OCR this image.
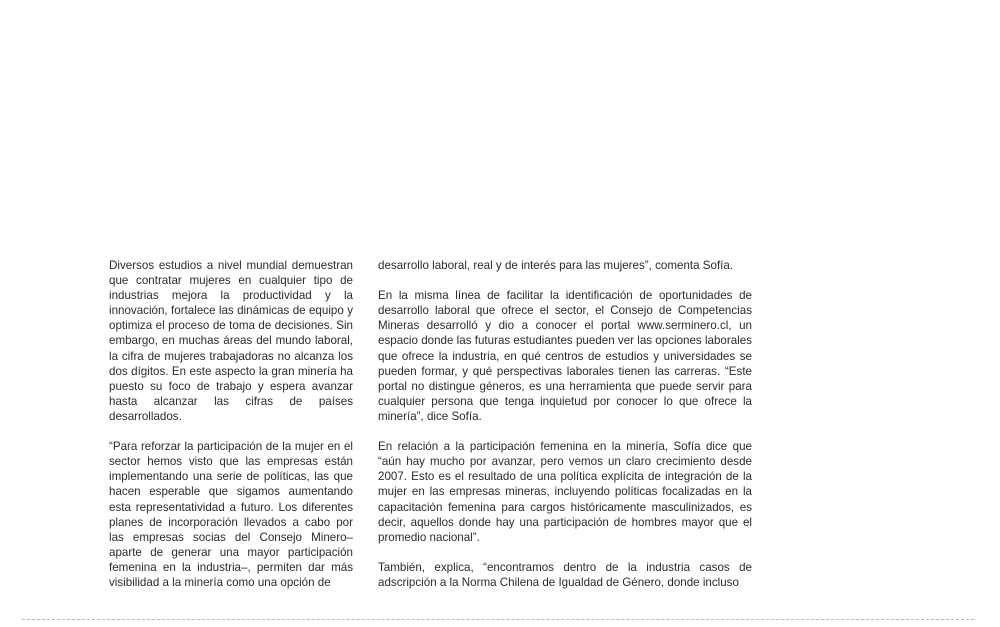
Diversos estudios a nivel mundial demuestran que contratar mujeres en cualquier tipo de industrias mejora la productividad y la innovación, fortalece las dinámicas de equipo y optimiza el proceso de toma de decisiones. Sin embargo, en muchas áreas del mundo laboral, la cifra de mujeres trabajadoras no alcanza los dos dígitos. En este aspecto la gran minería ha puesto su foco de trabajo y espera avanzar hasta alcanzar las cifras de países desarrollados.

“Para reforzar la participación de la mujer en el sector hemos visto que las empresas están implementando una serie de políticas, las que hacen esperable que sigamos aumentando esta representatividad a futuro. Los diferentes planes de incorporación llevados a cabo por las empresas socias del Consejo Minero–aparte de generar una mayor participación femenina en la industria–, permiten dar más visibilidad a la minería como una opción de

desarrollo laboral, real y de interés para las mujeres”, comenta Sofía.

En la misma línea de facilitar la identificación de oportunidades de desarrollo laboral que ofrece el sector, el Consejo de Competencias Mineras desarrolló y dio a conocer el portal www.serminero.cl, un espacio donde las futuras estudiantes pueden ver las opciones laborales que ofrece la industria, en qué centros de estudios y universidades se pueden formar, y qué perspectivas laborales tienen las carreras. “Este portal no distingue géneros, es una herramienta que puede servir para cualquier persona que tenga inquietud por conocer lo que ofrece la minería”, dice Sofía.

En relación a la participación femenina en la minería, Sofía dice que “aún hay mucho por avanzar, pero vemos un claro crecimiento desde 2007. Esto es el resultado de una política explícita de integración de la mujer en las empresas mineras, incluyendo políticas focalizadas en la capacitación femenina para cargos históricamente masculinizados, es decir, aquellos donde hay una participación de hombres mayor que el promedio nacional”.

También, explica, “encontramos dentro de la industria casos de adscripción a la Norma Chilena de Igualdad de Género, donde incluso
